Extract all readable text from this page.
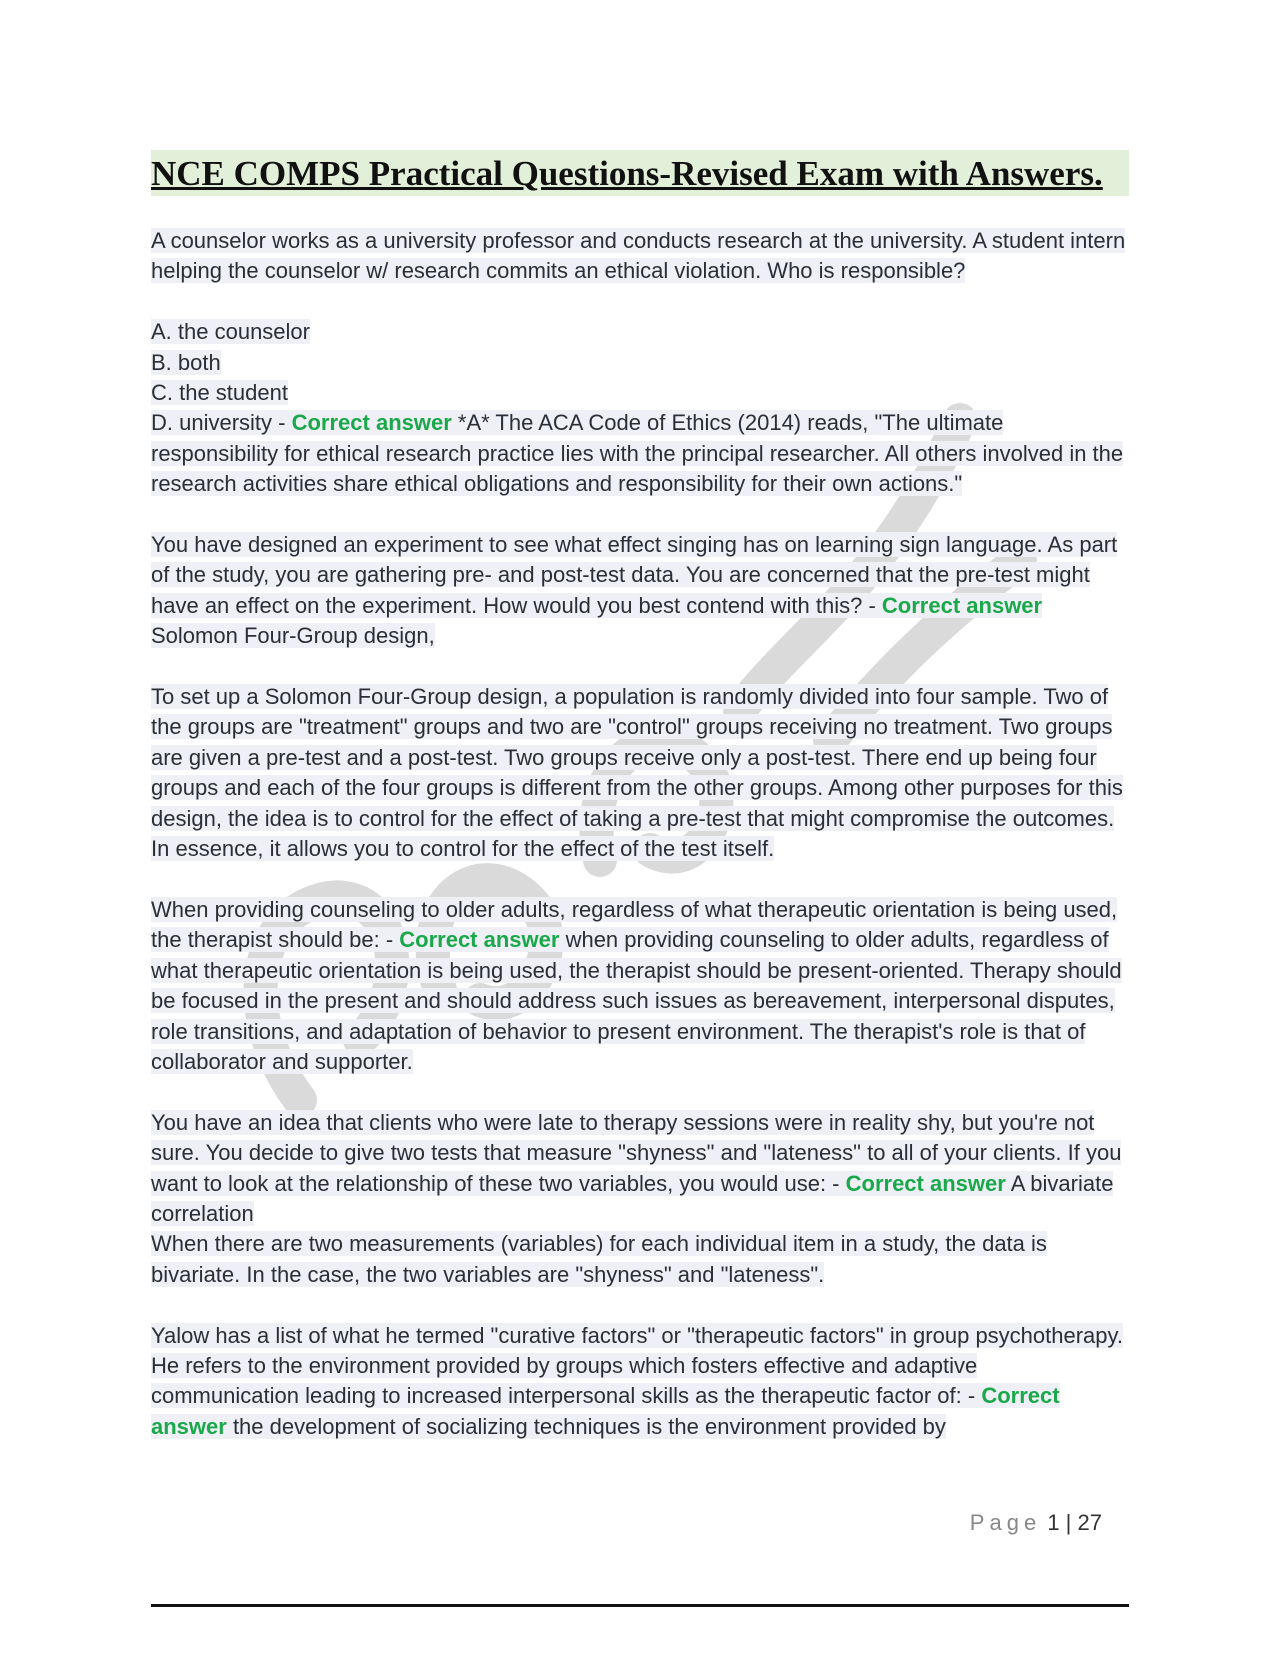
NCE COMPS Practical Questions-Revised Exam with Answers.

A counselor works as a university professor and conducts research at the university. A student intern helping the counselor w/ research commits an ethical violation. Who is responsible?

A. the counselor
B. both
C. the student
D. university - Correct answer *A* The ACA Code of Ethics (2014) reads, "The ultimate responsibility for ethical research practice lies with the principal researcher. All others involved in the research activities share ethical obligations and responsibility for their own actions."

You have designed an experiment to see what effect singing has on learning sign language. As part of the study, you are gathering pre- and post-test data. You are concerned that the pre-test might have an effect on the experiment. How would you best contend with this? - Correct answer Solomon Four-Group design,

To set up a Solomon Four-Group design, a population is randomly divided into four sample. Two of the groups are "treatment" groups and two are "control" groups receiving no treatment. Two groups are given a pre-test and a post-test. Two groups receive only a post-test. There end up being four groups and each of the four groups is different from the other groups. Among other purposes for this design, the idea is to control for the effect of taking a pre-test that might compromise the outcomes. In essence, it allows you to control for the effect of the test itself.

When providing counseling to older adults, regardless of what therapeutic orientation is being used, the therapist should be: - Correct answer when providing counseling to older adults, regardless of what therapeutic orientation is being used, the therapist should be present-oriented. Therapy should be focused in the present and should address such issues as bereavement, interpersonal disputes, role transitions, and adaptation of behavior to present environment. The therapist's role is that of collaborator and supporter.

You have an idea that clients who were late to therapy sessions were in reality shy, but you're not sure. You decide to give two tests that measure "shyness" and "lateness" to all of your clients. If you want to look at the relationship of these two variables, you would use: - Correct answer A bivariate correlation

When there are two measurements (variables) for each individual item in a study, the data is bivariate. In the case, the two variables are "shyness" and "lateness".

Yalow has a list of what he termed "curative factors" or "therapeutic factors" in group psychotherapy. He refers to the environment provided by groups which fosters effective and adaptive communication leading to increased interpersonal skills as the therapeutic factor of: - Correct answer the development of socializing techniques is the environment provided by

Page 1 | 27
